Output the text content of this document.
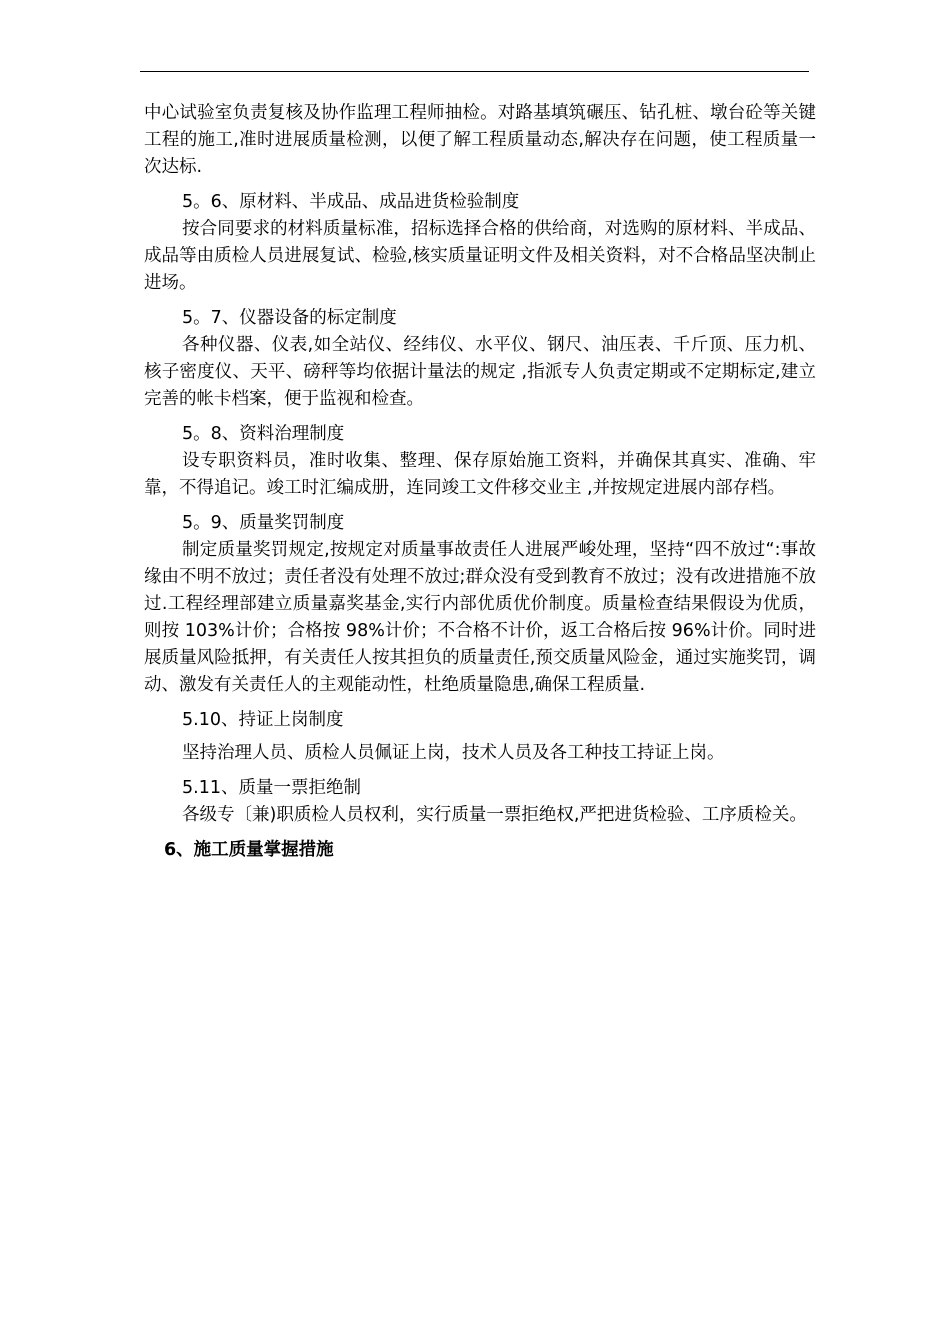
中心试验室负责复核及协作监理工程师抽检。对路基填筑碾压、钻孔桩、墩台砼等关键工程的施工,准时进展质量检测，以便了解工程质量动态,解决存在问题，使工程质量一次达标.

5。6、原材料、半成品、成品进货检验制度

按合同要求的材料质量标准，招标选择合格的供给商，对选购的原材料、半成品、成品等由质检人员进展复试、检验,核实质量证明文件及相关资料，对不合格品坚决制止进场。

5。7、仪器设备的标定制度

各种仪器、仪表,如全站仪、经纬仪、水平仪、钢尺、油压表、千斤顶、压力机、核子密度仪、天平、磅秤等均依据计量法的规定 ,指派专人负责定期或不定期标定,建立完善的帐卡档案，便于监视和检查。

5。8、资料治理制度

设专职资料员，准时收集、整理、保存原始施工资料，并确保其真实、准确、牢靠，不得追记。竣工时汇编成册，连同竣工文件移交业主 ,并按规定进展内部存档。

5。9、质量奖罚制度

制定质量奖罚规定,按规定对质量事故责任人进展严峻处理，坚持“四不放过“:事故缘由不明不放过；责任者没有处理不放过;群众没有受到教育不放过；没有改进措施不放过.工程经理部建立质量嘉奖基金,实行内部优质优价制度。质量检查结果假设为优质，则按 103%计价；合格按 98%计价；不合格不计价，返工合格后按 96%计价。同时进展质量风险抵押，有关责任人按其担负的质量责任,预交质量风险金，通过实施奖罚，调动、激发有关责任人的主观能动性，杜绝质量隐患,确保工程质量.

5.10、持证上岗制度

坚持治理人员、质检人员佩证上岗，技术人员及各工种技工持证上岗。

5.11、质量一票拒绝制

各级专〔兼)职质检人员权利，实行质量一票拒绝权,严把进货检验、工序质检关。

6、施工质量掌握措施
